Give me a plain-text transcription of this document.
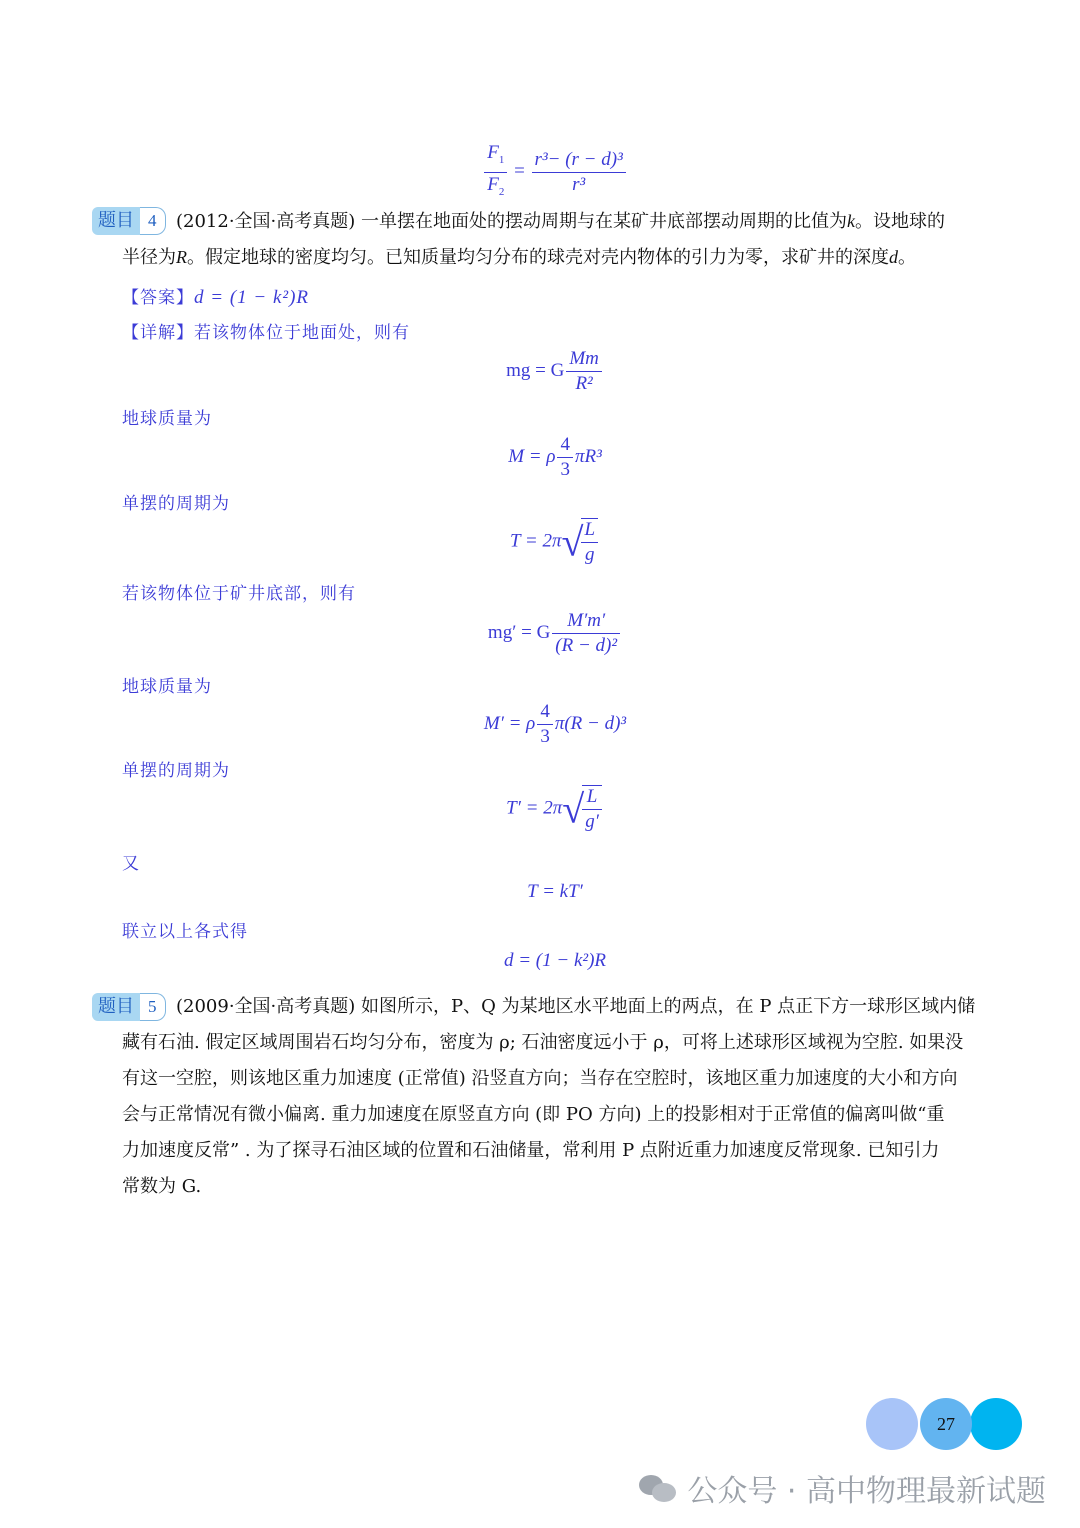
$\frac{F_1}{F_2} = \frac{\text{r³− (r − d)³}}{\text{r³}}$
题目 4	(2012·全国·高考真题) 一单摆在地面处的摆动周期与在某矿井底部摆动周期的比值为k。设地球的
半径为R。假定地球的密度均匀。已知质量均匀分布的球壳对壳内物体的引力为零，求矿井的深度d。
【答案】d = (1 − k²)R
【详解】若该物体位于地面处，则有
mg = G $\frac{Mm}{\text{R²}}$
地球质量为
M = ρ $\frac{4}{3} \pi R^3$
单摆的周期为
T = 2π√
$\frac{L}{g}$
若该物体位于矿井底部，则有
mg′ = G $\frac{M'm'}{\text{(R − d)²}}$
地球质量为
M′ = ρ $\frac{4}{3} \pi(R - d)^3$
单摆的周期为
T′ = 2π√
$\frac{L}{g'}$
又
T = kT′
联立以上各式得
d = (1 − k²)R
题目 5	(2009·全国·高考真题) 如图所示，P、Q 为某地区水平地面上的两点，在 P 点正下方一球形区域内储
藏有石油. 假定区域周围岩石均匀分布，密度为 ρ; 石油密度远小于 ρ，可将上述球形区域视为空腔. 如果没
有这一空腔，则该地区重力加速度 (正常值) 沿竖直方向；当存在空腔时，该地区重力加速度的大小和方向
会与正常情况有微小偏离. 重力加速度在原竖直方向 (即 PO 方向) 上的投影相对于正常值的偏离叫做“重
力加速度反常” . 为了探寻石油区域的位置和石油储量，常利用 P 点附近重力加速度反常现象. 已知引力
常数为 G.
27
公众号 · 高中物理最新试题
